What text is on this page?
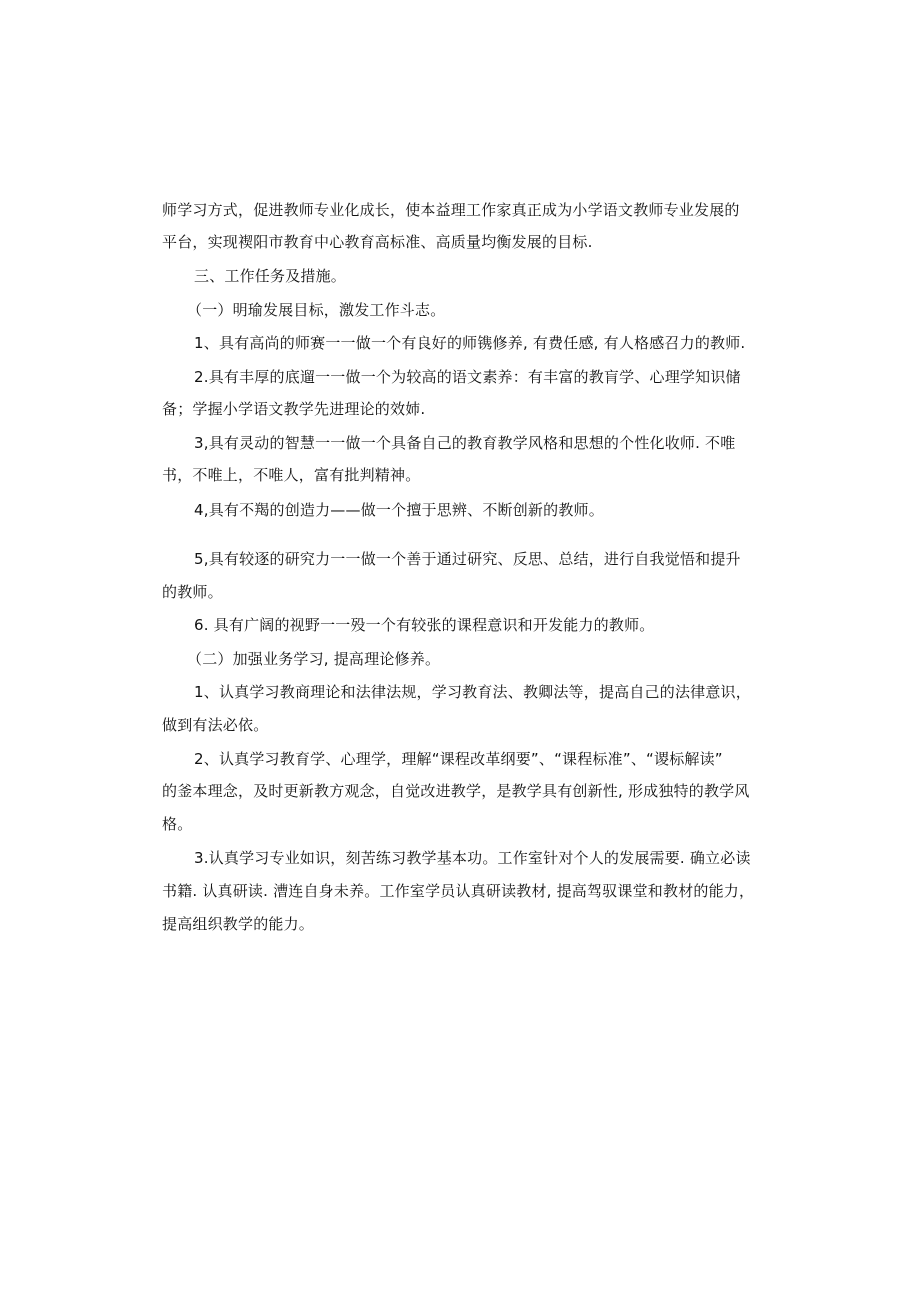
师学习方式，促进教师专业化成长，使本益理工作家真正成为小学语文教师专业发展的
平台，实现褉阳市教育中心教育高标准、高质量均衡发展的目标.
三、工作任务及措施。
（一）明瑜发展目标，激发工作斗志。
1、具有高尚的师赛一一做一个有良好的师镌修养, 有费任感, 有人格感召力的教师.
2.具有丰厚的底遛一一做一个为较高的语文素养：有丰富的教肓学、心理学知识储
备；学握小学语文教学先进理论的效姉.
3,具有灵动的智慧一一做一个具备自己的教育教学风格和思想的个性化收师. 不唯
书，不唯上，不唯人，富有批判精神。
4,具有不羯的创造力——做一个擅于思辨、不断创新的教师。
5,具有较逐的研究力一一做一个善于通过研究、反思、总结，进行自我觉悟和提升
的教师。
6. 具有广阔的视野一一殁一个有较张的课程意识和开发能力的教师。
（二）加强业务学习, 提高理论修养。
1、认真学习教商理论和法律法规，学习教育法、教卿法等，提高自己的法律意识，
做到有法必依。
2、认真学习教育学、心理学，理解“课程改革纲要”、“课程标准”、“谡标解读”
的釜本理念，及时更新教方观念，自觉改进教学，是教学具有创新性, 形成独特的教学风
格。
3.认真学习专业如识，刻苦练习教学基本功。工作室针对个人的发展需要. 确立必读
书籍. 认真研读. 漕连自身未养。工作室学员认真研读教材, 提高驾驭课堂和教材的能力，
提高组织教学的能力。
